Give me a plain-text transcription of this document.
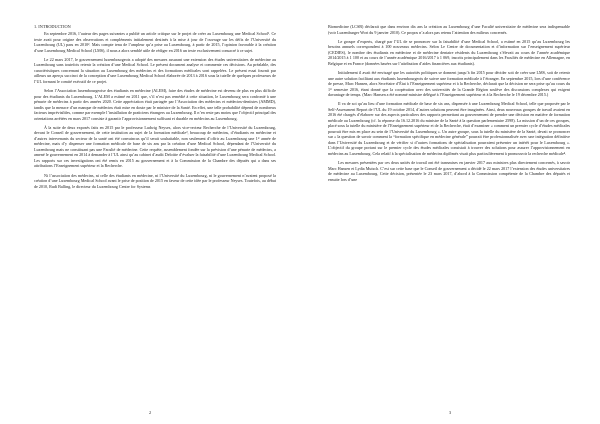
1. INTRODUCTION

En septembre 2016, l’auteur des pages suivantes a publié un article critique sur le projet de créer au Luxembourg une Medical School¹. Ce texte avait pour origine des observations et compléments initialement destinés à la mise à jour de l’ouvrage sur les défis de l’Université du Luxembourg (UL) paru en 2010². Mais compte tenu de l’ampleur qu’a prise au Luxembourg, à partir de 2015, l’opinion favorable à la création d’une Luxembourg Medical School (LMS), il nous a alors semblé utile de rédiger en 2016 un texte exclusivement consacré à ce sujet.

Le 22 mars 2017, le gouvernement luxembourgeois a adopté des mesures assurant une extension des études universitaires de médecine au Luxembourg sans toutefois retenir la création d’une Medical School. Le présent document analyse et commente ces décisions. Au préalable, des caractéristiques concernant la situation au Luxembourg des médecins et des formations médicales sont rappelées. Le présent essai fournit par ailleurs un aperçu succinct de la conception d’une Luxembourg Medical School élaborée de 2013 à 2016 sous la tutelle de quelques professeurs de l’UL formant le comité exécutif de ce projet.

Selon l’Association luxembourgeoise des étudiants en médecine (ALEM), faire des études de médecine est devenu de plus en plus difficile pour des étudiants du Luxembourg. L’ALEM a estimé en 2011 que, s’il n’est pas remédié à cette situation, le Luxembourg sera confronté à une pénurie de médecins à partir des années 2020. Cette appréciation était partagée par l’Association des médecins et médecins-dentistes (AMMD), tandis que la menace d’un manque de médecins était mise en doute par le ministre de la Santé. En effet, une telle probabilité dépend de nombreux facteurs imprévisibles, comme par exemple l’installation de praticiens étrangers au Luxembourg. Il n’en reste pas moins que l’objectif principal des orientations arrêtées en mars 2017 consiste à garantir l’approvisionnement suffisant et durable en médecins au Luxembourg.

À la suite de deux exposés faits en 2015 par le professeur Ludwig Neyses, alors vice-recteur Recherche de l’Université du Luxembourg, devant le Conseil de gouvernement, de cette institution au sujet de la formation médicale³, beaucoup de médecins, d’étudiants en médecine et d’autres intervenants du secteur de la santé ont été convaincus qu’il serait souhaitable, non seulement d’offrir au Luxembourg une 1ʳᵉ année de médecine, mais d’y dispenser une formation médicale de base de six ans par la création d’une Medical School, dépendant de l’Université du Luxembourg mais ne constituant pas une Faculté de médecine. Cette requête, assemblement fondée sur la prévision d’une pénurie de médecins, a amené le gouvernement en 2014 à demander à l’UL ainsi qu’au cabinet d’audit Deloitte d’évaluer la faisabilité d’une Luxembourg Medical School. Les rapports sur ces investigations ont été remis en 2015 au gouvernement et à la Commission de la Chambre des députés qui a dans ses attributions l’Enseignement supérieur et la Recherche.

Ni l’association des médecins, ni celle des étudiants en médecine, ni l’Université du Luxembourg, ni le gouvernement n’avaient proposé la création d’une Luxembourg Medical School avant le prise de position de 2015 en faveur de cette idée par le professeur Neyses. Toutefois, au début de 2010, Rudi Balling, le directeur du Luxembourg Centre for Systems

2

Biomedicine (LCSB) déclarait que dans environ dix ans la création au Luxembourg d’une Faculté universitaire de médecine sera indispensable (voir Luxemburger Wort du 9 janvier 2010). Ce propos n’a alors pas retenu l’attention des milieux concernés.

Le groupe d’experts, chargé par l’UL de se prononcer sur la faisabilité d’une Medical School, a estimé en 2015 qu’au Luxembourg les besoins annuels correspondent à 100 nouveaux médecins. Selon Le Centre de documentation et d’information sur l’enseignement supérieur (CEDIES), le nombre des étudiants en médecine et de médecine dentaire résidents du Luxembourg s’élevait au cours de l’année académique 2014/2015 à 1 100 et au cours de l’année académique 2016/2017 à 1 069, inscrits principalement dans les Facultés de médecine en Allemagne, en Belgique et en France (données basées sur l’attribution d’aides financières aux étudiants).

Initialement il avait été envisagé que les autorités politiques se donnent jusqu’à fin 2015 pour décider soit de créer une LMS, soit de retenir une autre solution facilitant aux étudiants luxembourgeois de suivre une formation médicale à l’étranger. En septembre 2015, lors d’une conférence de presse, Marc Hansen, alors Secrétaire d’État à l’Enseignement supérieur et à la Recherche, déclarait que la décision ne sera prise qu’au cours du 1ᵉʳ semestre 2016, étant donné que la coopération avec des universités de la Grande Région soulève des discussions complexes qui exigent davantage de temps. (Marc Hansen a été nommé ministre délégué à l’Enseignement supérieur et à la Recherche le 19 décembre 2015.)

Il va de soi qu’au lieu d’une formation médicale de base de six ans, dispensée à une Luxembourg Medical School, telle que proposée par le Self-Assessment Report de l’UL du 19 octobre 2014, d’autres solutions peuvent être imaginées. Ainsi, deux nouveaux groupes de travail avaient en 2016 été chargés d’élaborer sur des aspects particuliers des rapports permettant au gouvernement de prendre une décision en matière de formation médicale au Luxembourg (cf. la réponse du 16.12.2016 du ministre de la Santé à la question parlementaire 2598). La mission d’un de ces groupes, placé sous la tutelle du ministère de l’Enseignement supérieur et de la Recherche, était d’examiner « comment un premier cycle d’études médicales pourrait être mis en place au sein de l’Université du Luxembourg ». Un autre groupe, sous la tutelle du ministère de la Santé, devait se prononcer sur « la question de savoir comment la “formation spécifique en médecine générale” pourrait être professionnalisée avec une intégration définitive dans l’Université du Luxembourg et de vérifier si d’autres formations de spécialisation pourraient présenter un intérêt pour le Luxembourg ». L’objectif du groupe portant sur le premier cycle des études médicales consistait à trouver des solutions pour assurer l’approvisionnement en médecins au Luxembourg. Cela relatif à la spécialisation de médecins diplômés visait plus particulièrement à promouvoir la recherche médicale⁴.

Les mesures présentées par ces deux unités de travail ont été transmises en janvier 2017 aux ministres plus directement concernés, à savoir Marc Hansen et Lydia Mutsch. C’est sur cette base que le Conseil de gouvernement a décidé le 22 mars 2017 l’extension des études universitaires de médecine au Luxembourg. Cette décision, présentée le 23 mars 2017, d’abord à la Commission compétente de la Chambre des députés et ensuite lors d’une

3
